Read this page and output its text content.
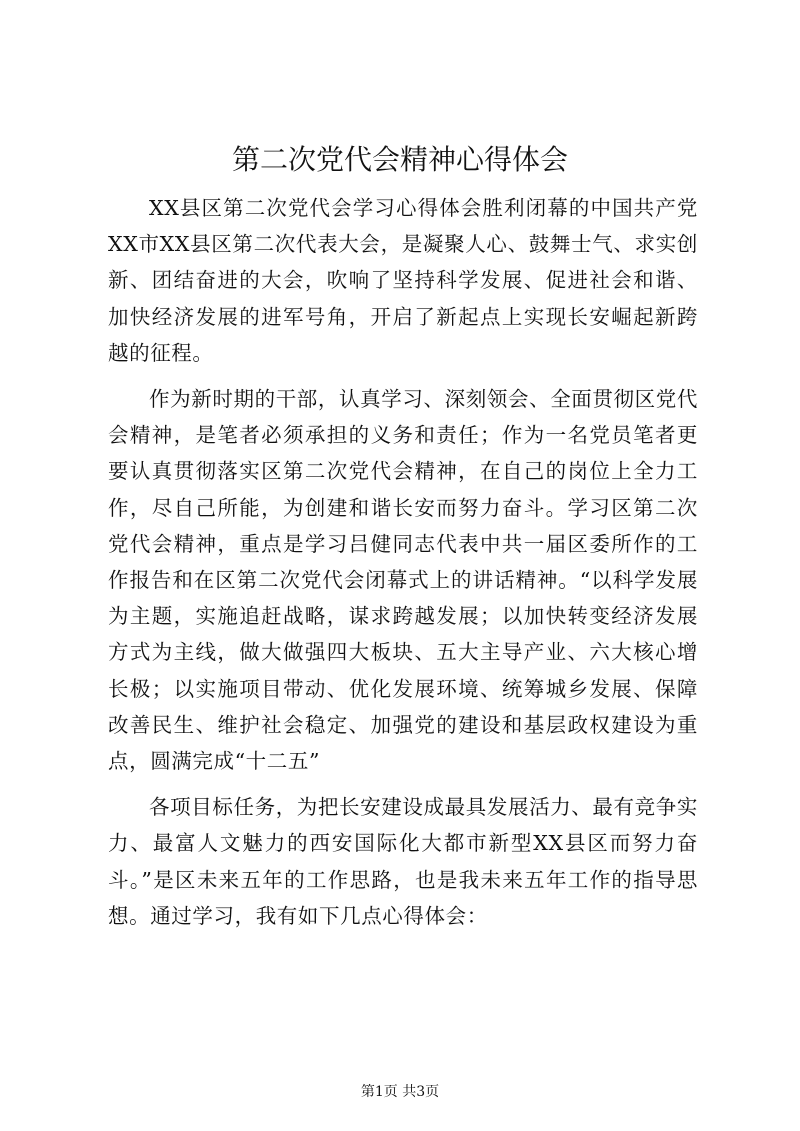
第二次党代会精神心得体会

XX县区第二次党代会学习心得体会胜利闭幕的中国共产党XX市XX县区第二次代表大会，是凝聚人心、鼓舞士气、求实创新、团结奋进的大会，吹响了坚持科学发展、促进社会和谐、加快经济发展的进军号角，开启了新起点上实现长安崛起新跨越的征程。

作为新时期的干部，认真学习、深刻领会、全面贯彻区党代会精神，是笔者必须承担的义务和责任；作为一名党员笔者更要认真贯彻落实区第二次党代会精神，在自己的岗位上全力工作，尽自己所能，为创建和谐长安而努力奋斗。学习区第二次党代会精神，重点是学习吕健同志代表中共一届区委所作的工作报告和在区第二次党代会闭幕式上的讲话精神。“以科学发展为主题，实施追赶战略，谋求跨越发展；以加快转变经济发展方式为主线，做大做强四大板块、五大主导产业、六大核心增长极；以实施项目带动、优化发展环境、统筹城乡发展、保障改善民生、维护社会稳定、加强党的建设和基层政权建设为重点，圆满完成“十二五”

各项目标任务，为把长安建设成最具发展活力、最有竞争实力、最富人文魅力的西安国际化大都市新型XX县区而努力奋斗。”是区未来五年的工作思路，也是我未来五年工作的指导思想。通过学习，我有如下几点心得体会：

第1页 共3页
